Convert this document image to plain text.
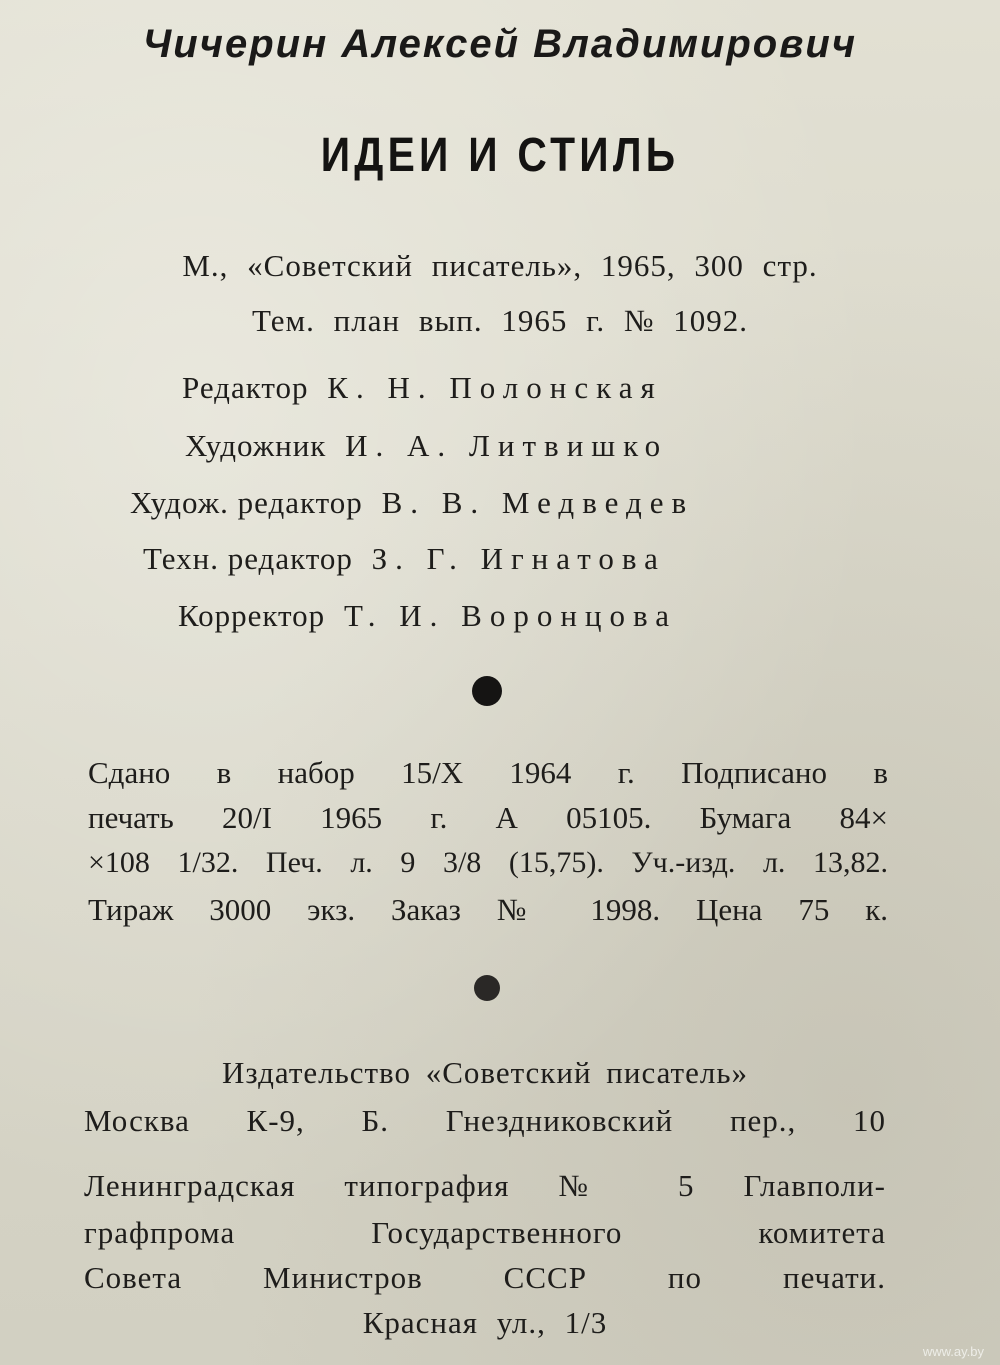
Чичерин Алексей Владимирович
ИДЕИ И СТИЛЬ
М., «Советский писатель», 1965, 300 стр.
Тем. план вып. 1965 г. № 1092.
Редактор К. Н. Полонская
Художник И. А. Литвишко
Худож. редактор В. В. Медведев
Техн. редактор З. Г. Игнатова
Корректор Т. И. Воронцова
Сдано в набор 15/X 1964 г. Подписано в
печать 20/I 1965 г. А 05105. Бумага 84×
×108 1/32. Печ. л. 9 3/8 (15,75). Уч.-изд. л. 13,82.
Тираж 3000 экз. Заказ № 1998. Цена 75 к.
Издательство «Советский писатель»
Москва К-9, Б. Гнездниковский пер., 10
Ленинградская типография № 5 Главполи-
графпрома Государственного комитета
Совета Министров СССР по печати.
Красная ул., 1/3
www.ay.by
